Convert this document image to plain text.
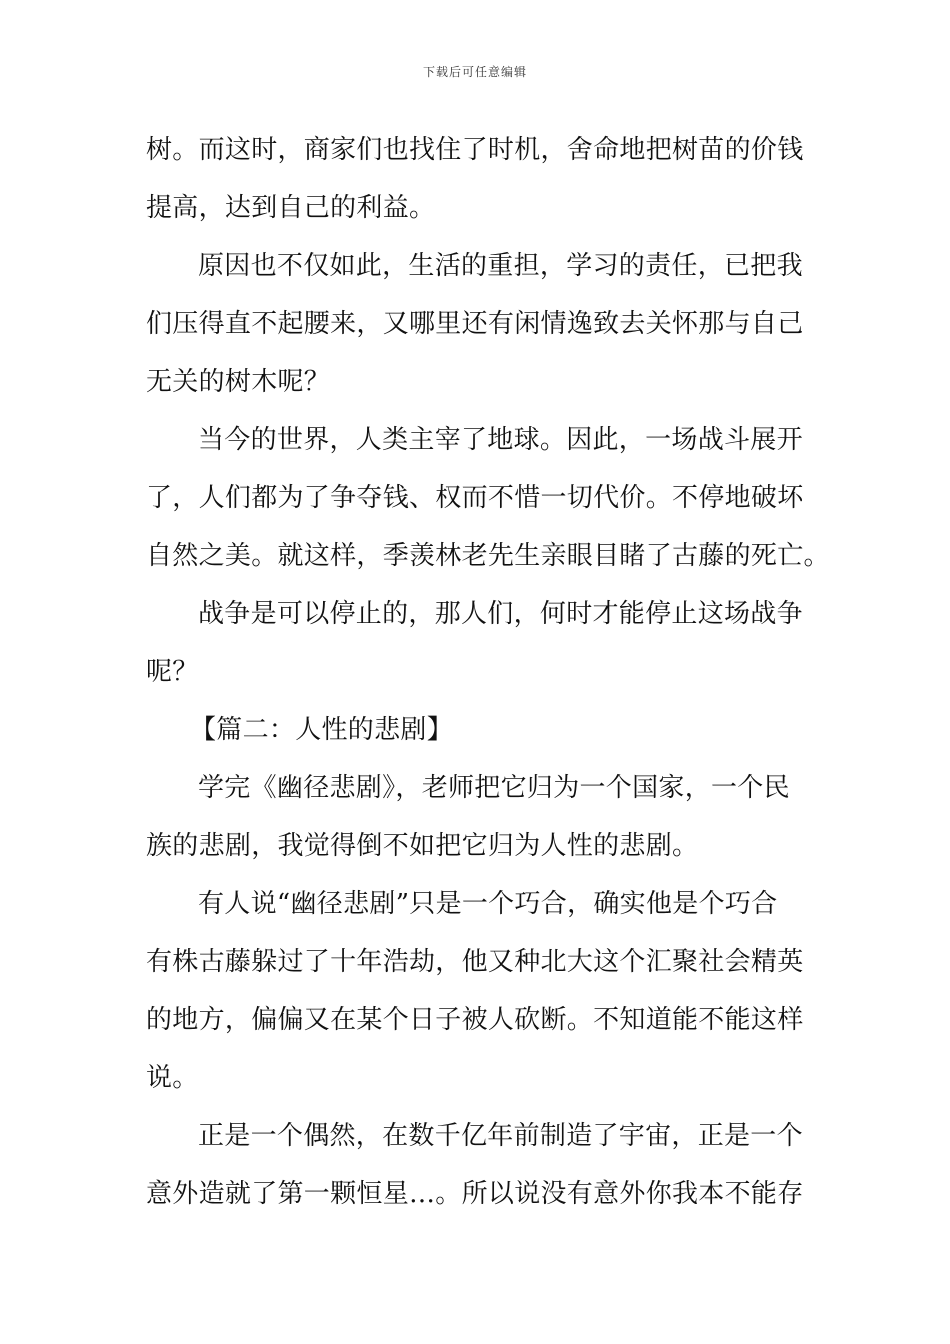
下载后可任意编辑
树。而这时，商家们也找住了时机，舍命地把树苗的价钱
提高，达到自己的利益。
原因也不仅如此，生活的重担，学习的责任，已把我
们压得直不起腰来，又哪里还有闲情逸致去关怀那与自己
无关的树木呢？
当今的世界，人类主宰了地球。因此，一场战斗展开
了，人们都为了争夺钱、权而不惜一切代价。不停地破坏
自然之美。就这样，季羡林老先生亲眼目睹了古藤的死亡。
战争是可以停止的，那人们，何时才能停止这场战争
呢？
【篇二：人性的悲剧】
学完《幽径悲剧》，老师把它归为一个国家，一个民
族的悲剧，我觉得倒不如把它归为人性的悲剧。
有人说“幽径悲剧”只是一个巧合，确实他是个巧合
有株古藤躲过了十年浩劫，他又种北大这个汇聚社会精英
的地方，偏偏又在某个日子被人砍断。不知道能不能这样
说。
正是一个偶然，在数千亿年前制造了宇宙，正是一个
意外造就了第一颗恒星…。所以说没有意外你我本不能存
